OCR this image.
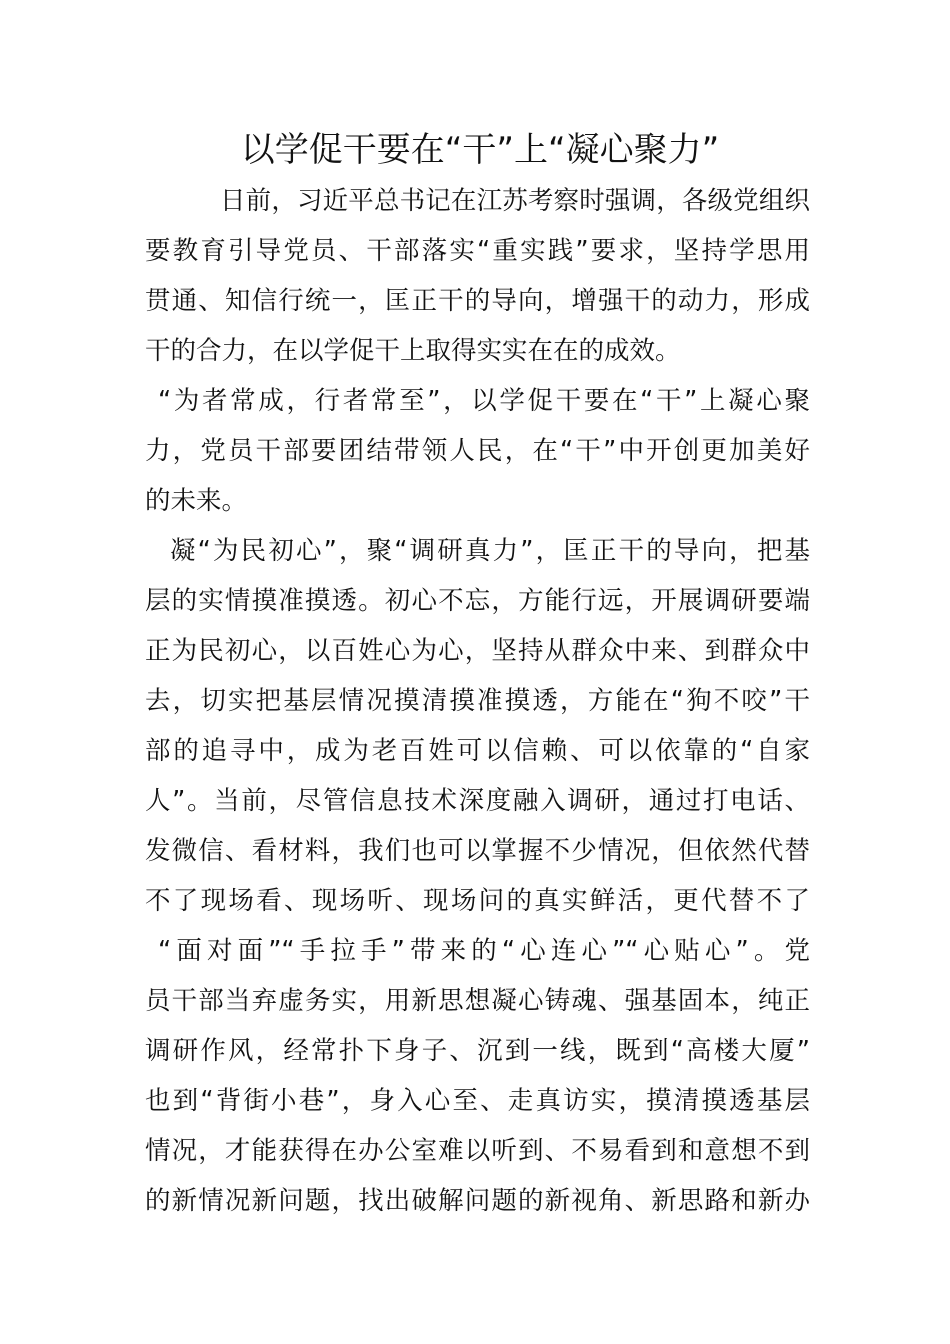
以学促干要在“干”上“凝心聚力”
日前，习近平总书记在江苏考察时强调，各级党组织
要教育引导党员、干部落实“重实践”要求，坚持学思用
贯通、知信行统一，匡正干的导向，增强干的动力，形成
干的合力，在以学促干上取得实实在在的成效。
“为者常成，行者常至”，以学促干要在“干”上凝心聚
力，党员干部要团结带领人民，在“干”中开创更加美好
的未来。
凝“为民初心”，聚“调研真力”，匡正干的导向，把基
层的实情摸准摸透。初心不忘，方能行远，开展调研要端
正为民初心，以百姓心为心，坚持从群众中来、到群众中
去，切实把基层情况摸清摸准摸透，方能在“狗不咬”干
部的追寻中，成为老百姓可以信赖、可以依靠的“自家
人”。当前，尽管信息技术深度融入调研，通过打电话、
发微信、看材料，我们也可以掌握不少情况，但依然代替
不了现场看、现场听、现场问的真实鲜活，更代替不了
“面对面”“手拉手”带来的“心连心”“心贴心”。党
员干部当弃虚务实，用新思想凝心铸魂、强基固本，纯正
调研作风，经常扑下身子、沉到一线，既到“高楼大厦”
也到“背街小巷”，身入心至、走真访实，摸清摸透基层
情况，才能获得在办公室难以听到、不易看到和意想不到
的新情况新问题，找出破解问题的新视角、新思路和新办
